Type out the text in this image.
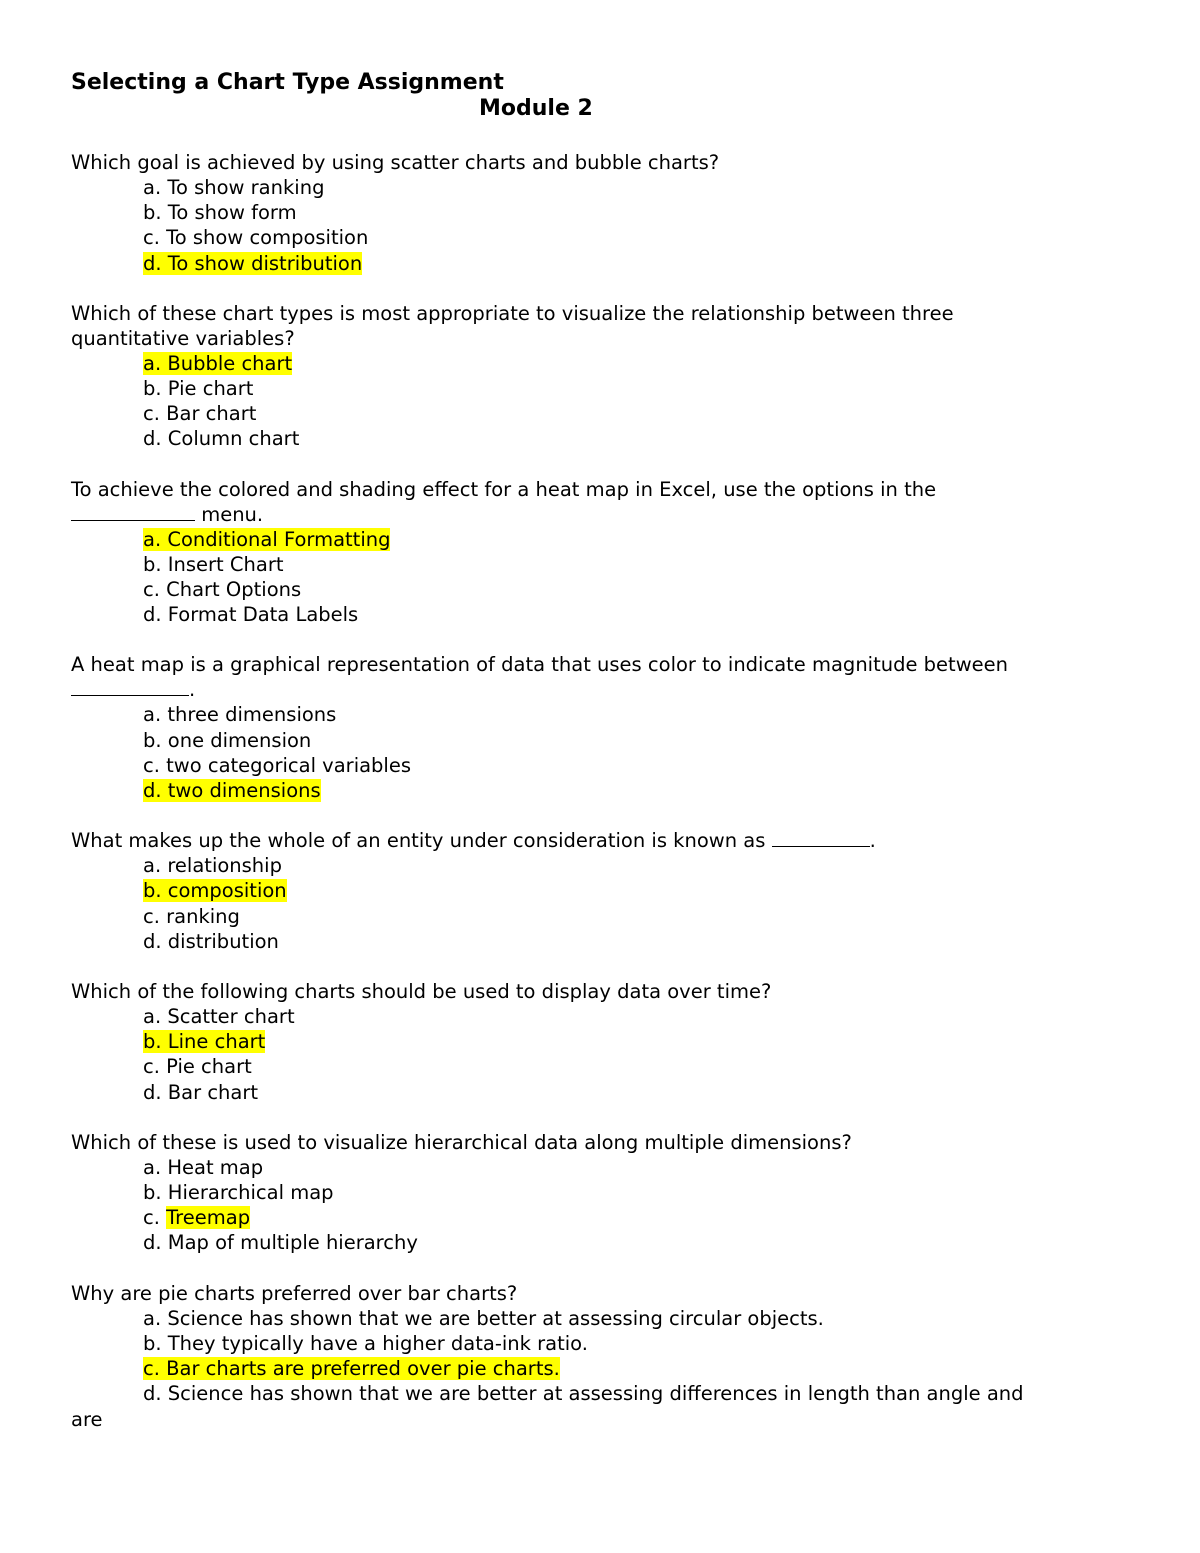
Selecting a Chart Type Assignment

Module 2

Which goal is achieved by using scatter charts and bubble charts?

a. To show ranking

b. To show form

c. To show composition

d. To show distribution

Which of these chart types is most appropriate to visualize the relationship between three quantitative variables?

a. Bubble chart

b. Pie chart

c. Bar chart

d. Column chart

To achieve the colored and shading effect for a heat map in Excel, use the options in the
menu.

a. Conditional Formatting

b. Insert Chart

c. Chart Options

d. Format Data Labels

A heat map is a graphical representation of data that uses color to indicate magnitude between
.

a. three dimensions

b. one dimension

c. two categorical variables

d. two dimensions

What makes up the whole of an entity under consideration is known as	.

a. relationship

b. composition

c. ranking

d. distribution

Which of the following charts should be used to display data over time?

a. Scatter chart

b. Line chart

c. Pie chart

d. Bar chart

Which of these is used to visualize hierarchical data along multiple dimensions?

a. Heat map

b. Hierarchical map

c. Treemap

d. Map of multiple hierarchy

Why are pie charts preferred over bar charts?

a. Science has shown that we are better at assessing circular objects.

b. They typically have a higher data-ink ratio.

c. Bar charts are preferred over pie charts.

d. Science has shown that we are better at assessing differences in length than angle and

are
